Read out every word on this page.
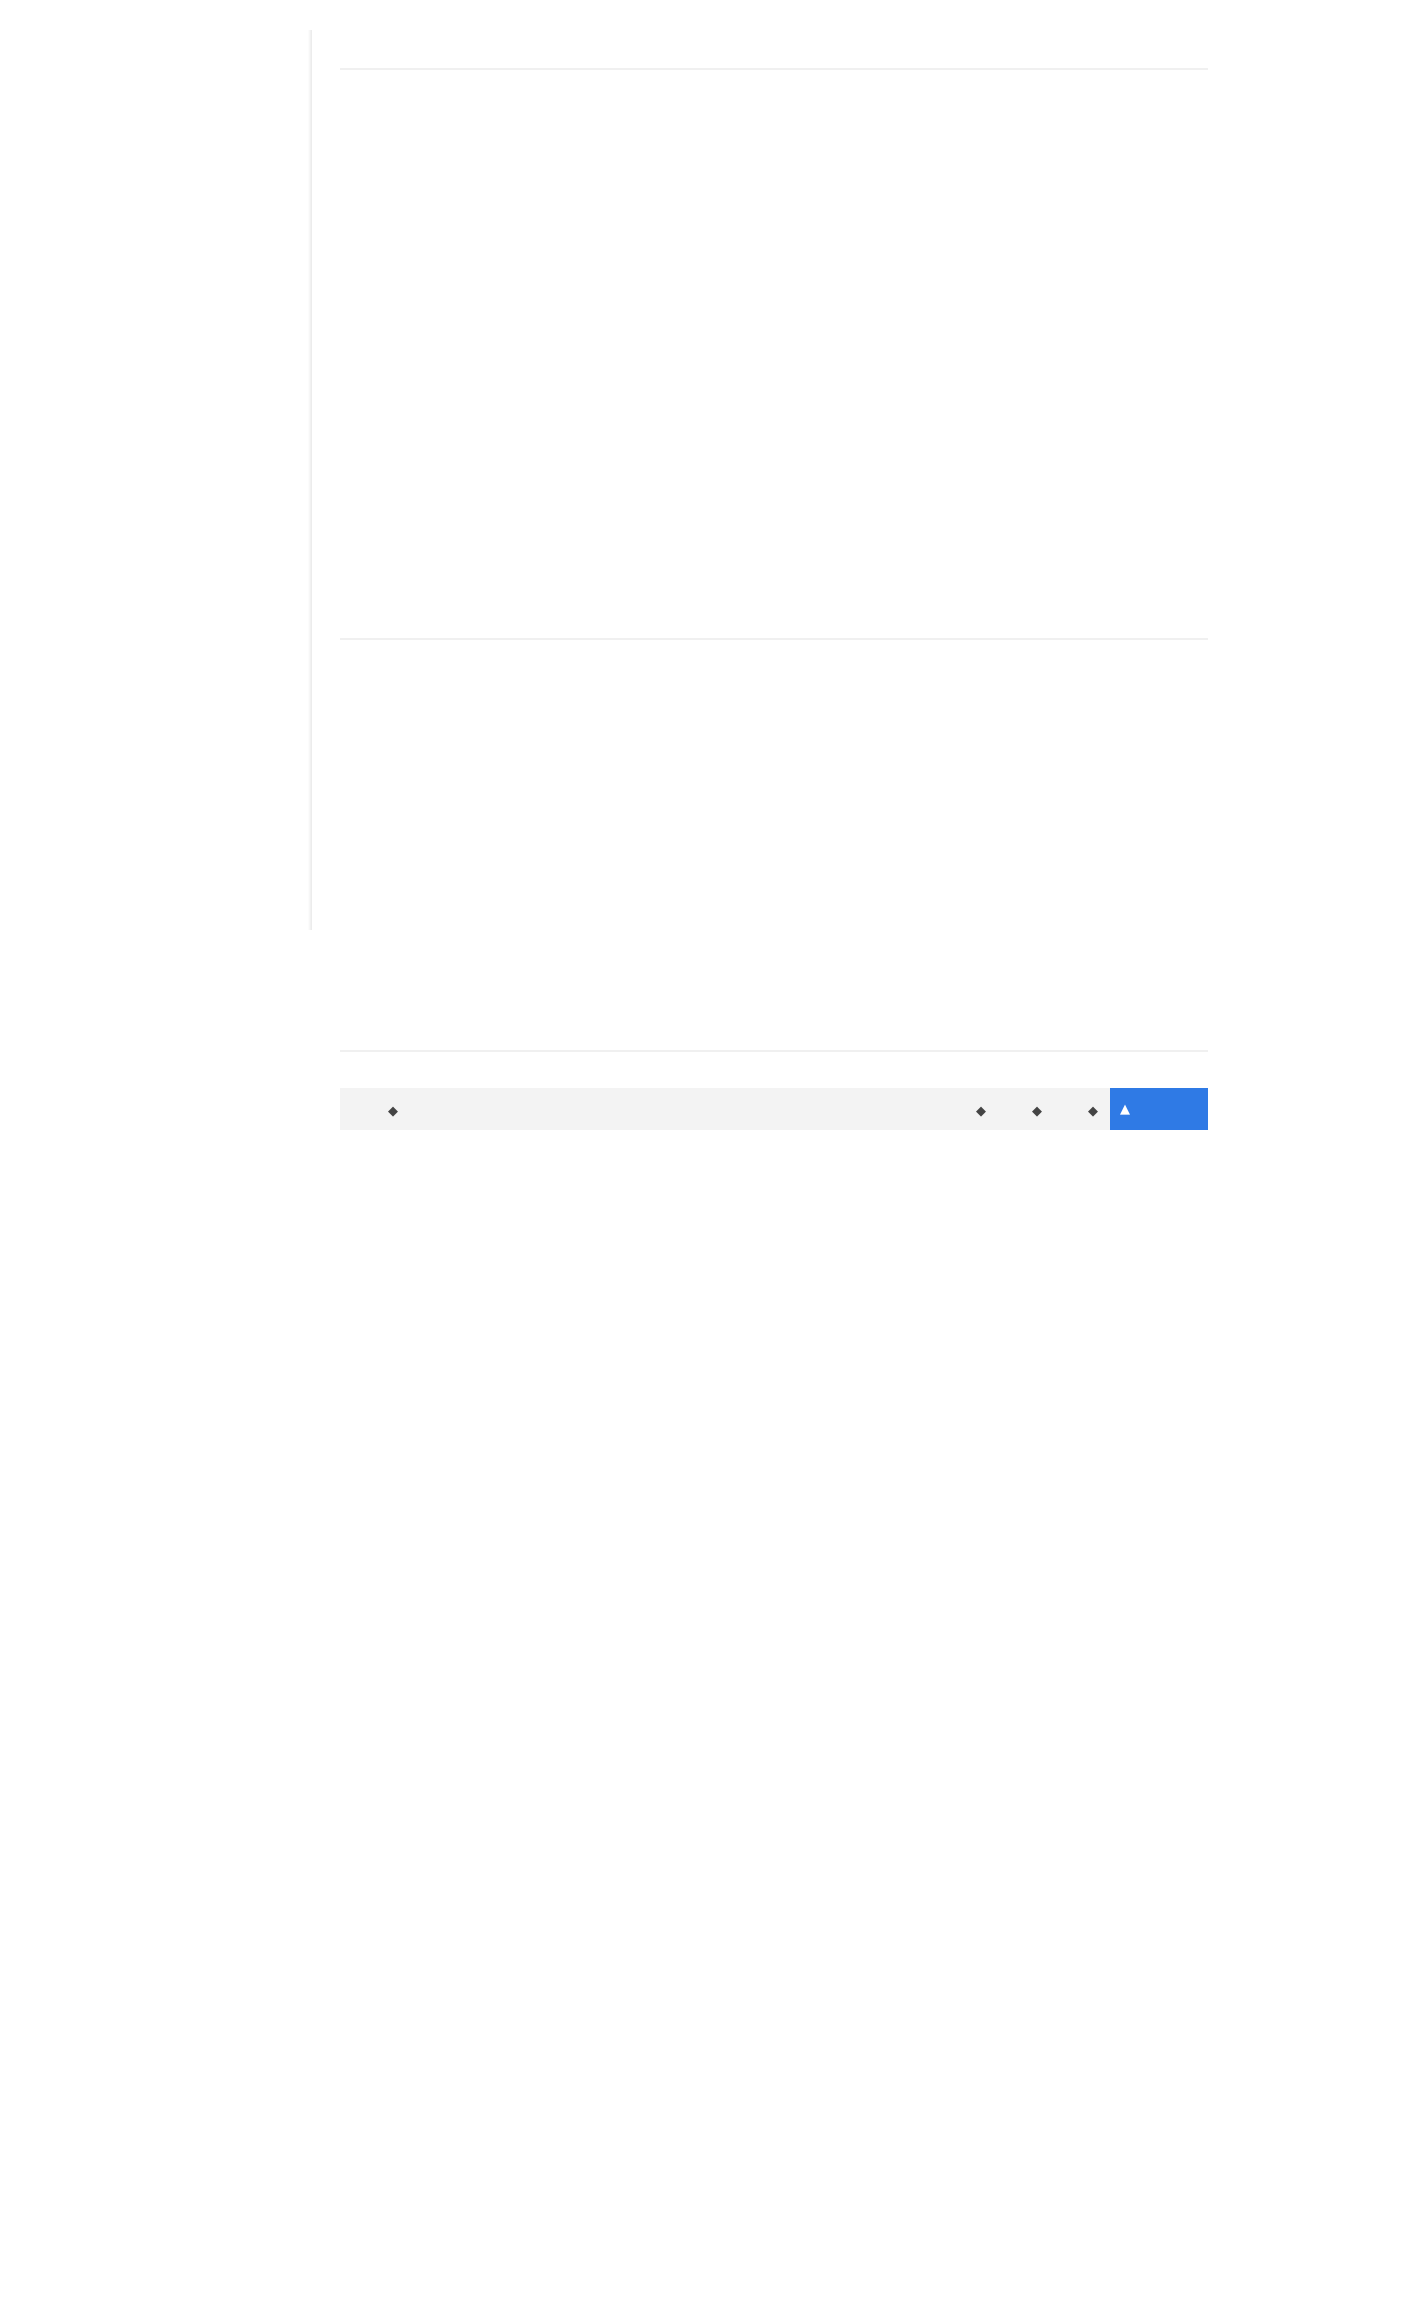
	◆	◆	◆	◆	▲
